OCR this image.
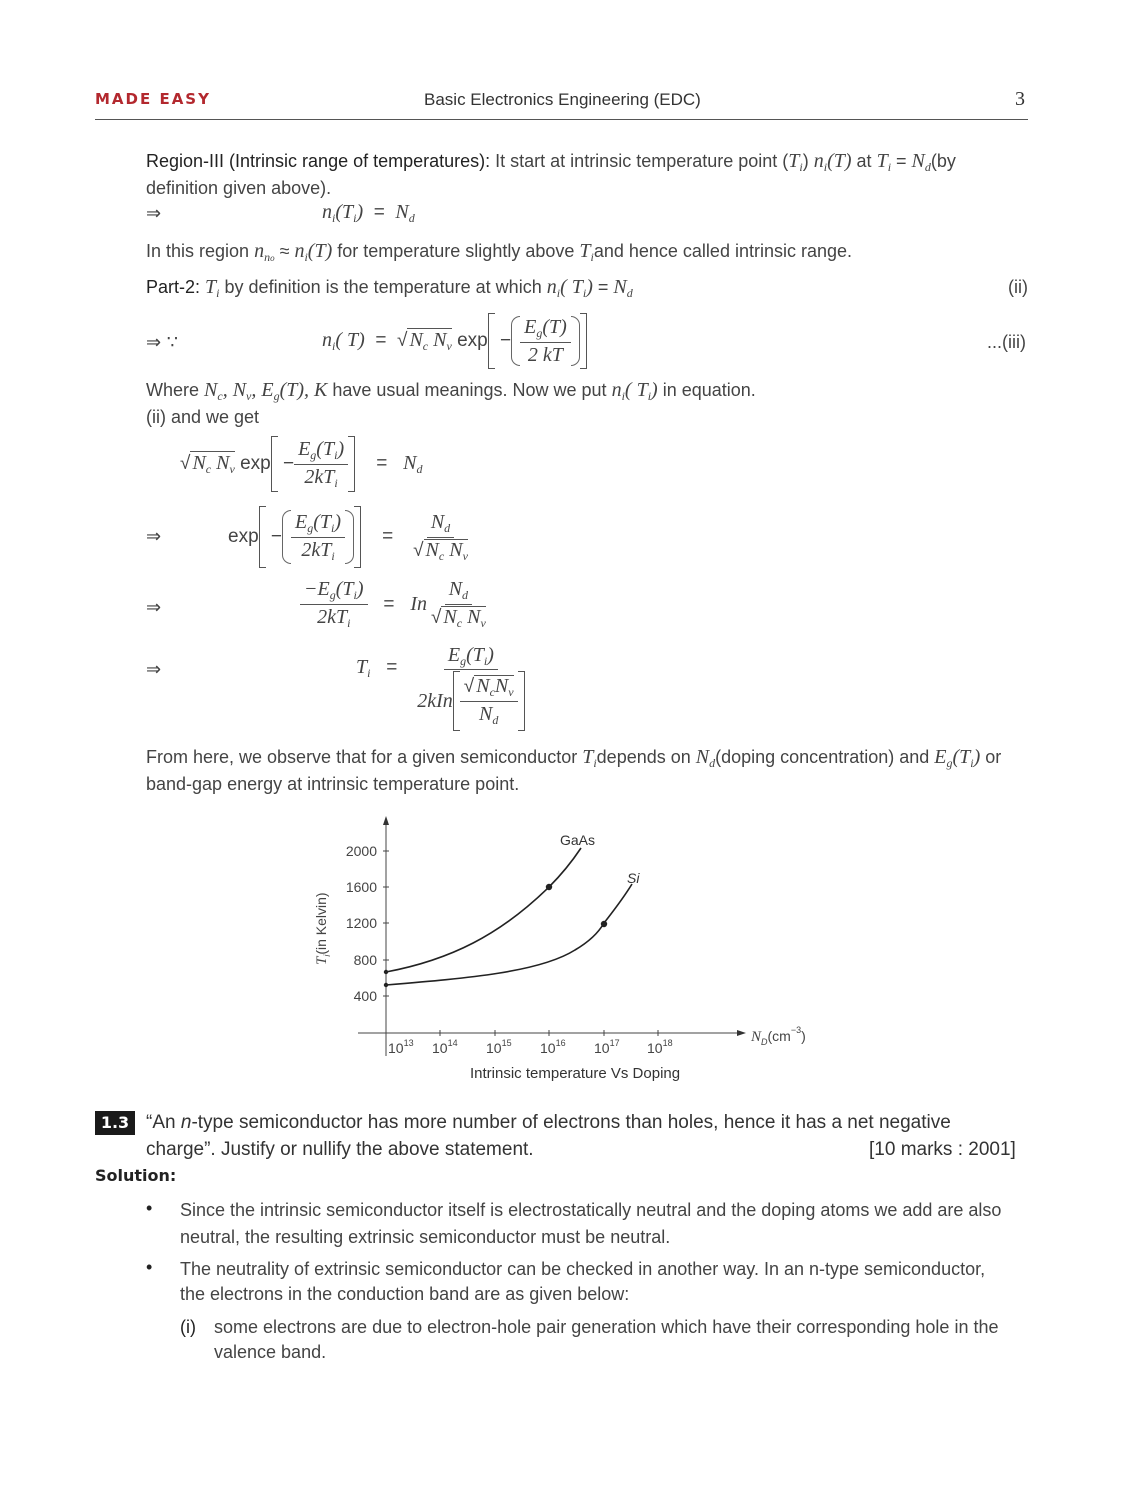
MADE EASY	Basic Electronics Engineering (EDC)	3
Region-III (Intrinsic range of temperatures): It start at intrinsic temperature point $(T_i)$ $n_i(T)$ at $T_i = N_d(by$
definition given above).
⇒	$n_i(T_i) = N_d$
In this region $n_{no} \approx n_i(T)$ for temperature slightly above $T_iand$ hence called intrinsic range.
Part-2: $T_i$ by definition is the temperature at which $n_i$( $T_i) = N_d$	(ii)
⇒ ∵	$n_i$( T) = √ $N_c$ $N_v$
$\exp - \frac{E_g(T)}{2 kT}$	...(iii)
Where $N_c$, $N_v$, $E_g(T)$, K have usual meanings. Now we put $n_i$( $T_i$) in equation.
(ii) and we get
√ $N_c$ $N_v$
$\exp - \frac{E_g(T_i)}{2kT_i} = N_d$
⇒	$\exp - \frac{E_g(T_i)}{2kT_i} = \frac{N_d}{√ N_c N_v}$
⇒	$\frac{-E_g(T_i)}{2kT_i} = In \frac{N_d}{√ N_c N_v}$
⇒	$T_i = \frac{E_g(T_i)}{2kIn \frac{√ N_cN_v}{N_d}}$
From here, we observe that for a given semiconductor $T_idepends$ on $N_d(doping$ concentration) and $E_g(T_i)$ or
band-gap energy at intrinsic temperature point.
2000
1600
1200
800
400
$10^{13}$ $10^{14}$ $10^{15}$ $10^{16}$ $10^{17}$ $10^{18}$
$T_i(in$ Kelvin)
$N_D(cm^{-3})$
GaAs
Si
Intrinsic temperature Vs Doping
1.3 “An n-type semiconductor has more number of electrons than holes, hence it has a net negative
charge”. Justify or nullify the above statement.	[10 marks : 2001]
Solution:
• Since the intrinsic semiconductor itself is electrostatically neutral and the doping atoms we add are also
neutral, the resulting extrinsic semiconductor must be neutral.
• The neutrality of extrinsic semiconductor can be checked in another way. In an n-type semiconductor,
the electrons in the conduction band are as given below:
(i) some electrons are due to electron-hole pair generation which have their corresponding hole in the
valence band.
